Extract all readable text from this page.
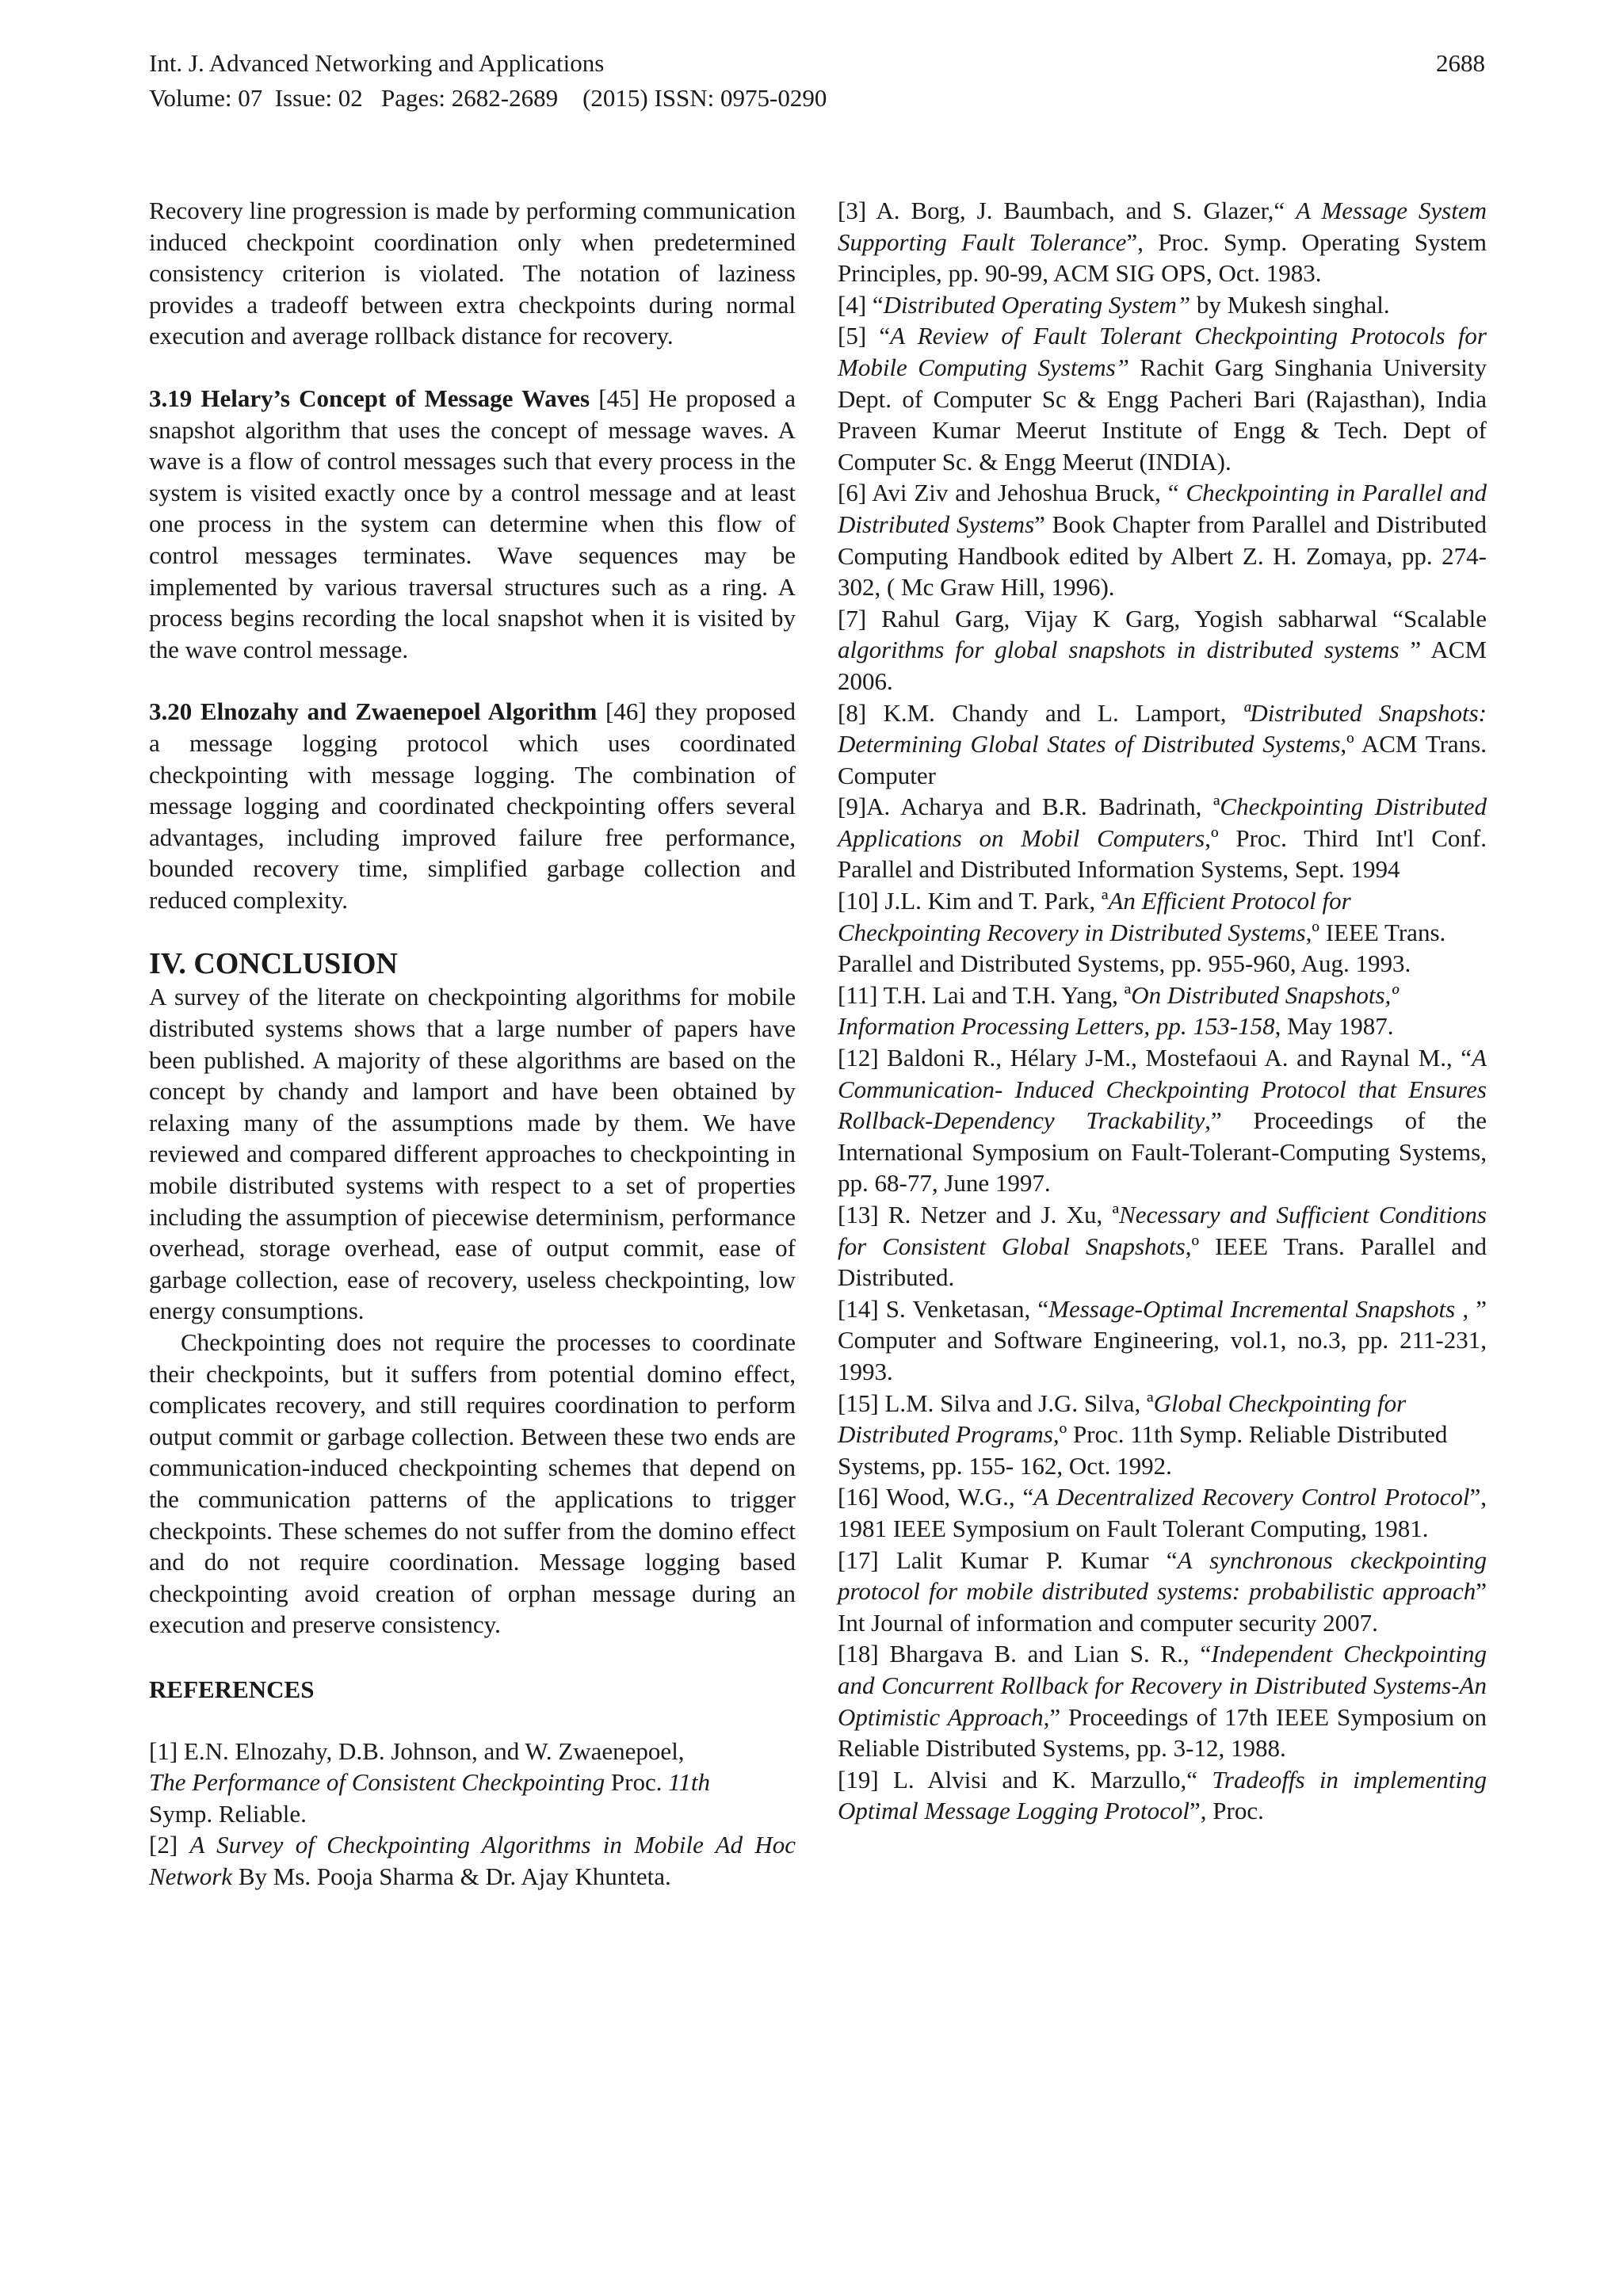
Int. J. Advanced Networking and Applications
Volume: 07  Issue: 02   Pages: 2682-2689    (2015) ISSN: 0975-0290
2688

Recovery line progression is made by performing communication induced checkpoint coordination only when predetermined consistency criterion is violated. The notation of laziness provides a tradeoff between extra checkpoints during normal execution and average rollback distance for recovery.

3.19 Helary’s Concept of Message Waves [45] He proposed a snapshot algorithm that uses the concept of message waves. A wave is a flow of control messages such that every process in the system is visited exactly once by a control message and at least one process in the system can determine when this flow of control messages terminates. Wave sequences may be implemented by various traversal structures such as a ring. A process begins recording the local snapshot when it is visited by the wave control message.

3.20 Elnozahy and Zwaenepoel Algorithm [46] they proposed a message logging protocol which uses coordinated checkpointing with message logging. The combination of message logging and coordinated checkpointing offers several advantages, including improved failure free performance, bounded recovery time, simplified garbage collection and reduced complexity.

IV. CONCLUSION

A survey of the literate on checkpointing algorithms for mobile distributed systems shows that a large number of papers have been published. A majority of these algorithms are based on the concept by chandy and lamport and have been obtained by relaxing many of the assumptions made by them. We have reviewed and compared different approaches to checkpointing in mobile distributed systems with respect to a set of properties including the assumption of piecewise determinism, performance overhead, storage overhead, ease of output commit, ease of garbage collection, ease of recovery, useless checkpointing, low energy consumptions.

Checkpointing does not require the processes to coordinate their checkpoints, but it suffers from potential domino effect, complicates recovery, and still requires coordination to perform output commit or garbage collection. Between these two ends are communication-induced checkpointing schemes that depend on the communication patterns of the applications to trigger checkpoints. These schemes do not suffer from the domino effect and do not require coordination. Message logging based checkpointing avoid creation of orphan message during an execution and preserve consistency.

REFERENCES

[1] E.N. Elnozahy, D.B. Johnson, and W. Zwaenepoel,
The Performance of Consistent Checkpointing Proc. 11th
Symp. Reliable.

[2] A Survey of Checkpointing Algorithms in Mobile Ad Hoc Network By Ms. Pooja Sharma & Dr. Ajay Khunteta.

[3] A. Borg, J. Baumbach, and S. Glazer,“ A Message System Supporting Fault Tolerance”, Proc. Symp. Operating System Principles, pp. 90-99, ACM SIG OPS, Oct. 1983.

[4] “Distributed Operating System” by Mukesh singhal.

[5] “A Review of Fault Tolerant Checkpointing Protocols for Mobile Computing Systems” Rachit Garg Singhania University Dept. of Computer Sc & Engg Pacheri Bari (Rajasthan), India Praveen Kumar Meerut Institute of Engg & Tech. Dept of Computer Sc. & Engg Meerut (INDIA).

[6] Avi Ziv and Jehoshua Bruck, “ Checkpointing in Parallel and Distributed Systems” Book Chapter from Parallel and Distributed Computing Handbook edited by Albert Z. H. Zomaya, pp. 274-302, ( Mc Graw Hill, 1996).

[7] Rahul Garg, Vijay K Garg, Yogish sabharwal “Scalable algorithms for global snapshots in distributed systems ” ACM 2006.

[8] K.M. Chandy and L. Lamport, ªDistributed Snapshots: Determining Global States of Distributed Systems,º ACM Trans. Computer

[9]A. Acharya and B.R. Badrinath, ªCheckpointing Distributed Applications on Mobil Computers,º Proc. Third Int'l Conf. Parallel and Distributed Information Systems, Sept. 1994

[10] J.L. Kim and T. Park, ªAn Efficient Protocol for Checkpointing Recovery in Distributed Systems,º IEEE Trans. Parallel and Distributed Systems, pp. 955-960, Aug. 1993.

[11] T.H. Lai and T.H. Yang, ªOn Distributed Snapshots,º Information Processing Letters, pp. 153-158, May 1987.

[12] Baldoni R., Hélary J-M., Mostefaoui A. and Raynal M., “A Communication- Induced Checkpointing Protocol that Ensures Rollback-Dependency Trackability,” Proceedings of the International Symposium on Fault-Tolerant-Computing Systems, pp. 68-77, June 1997.

[13] R. Netzer and J. Xu, ªNecessary and Sufficient Conditions for Consistent Global Snapshots,º IEEE Trans. Parallel and Distributed.

[14] S. Venketasan, “Message-Optimal Incremental Snapshots , ” Computer and Software Engineering, vol.1, no.3, pp. 211-231, 1993.

[15] L.M. Silva and J.G. Silva, ªGlobal Checkpointing for Distributed Programs,º Proc. 11th Symp. Reliable Distributed Systems, pp. 155- 162, Oct. 1992.

[16] Wood, W.G., “A Decentralized Recovery Control Protocol”, 1981 IEEE Symposium on Fault Tolerant Computing, 1981.

[17] Lalit Kumar P. Kumar “A synchronous ckeckpointing protocol for mobile distributed systems: probabilistic approach” Int Journal of information and computer security 2007.

[18] Bhargava B. and Lian S. R., “Independent Checkpointing and Concurrent Rollback for Recovery in Distributed Systems-An Optimistic Approach,” Proceedings of 17th IEEE Symposium on Reliable Distributed Systems, pp. 3-12, 1988.

[19] L. Alvisi and K. Marzullo,“ Tradeoffs in implementing Optimal Message Logging Protocol”, Proc.
